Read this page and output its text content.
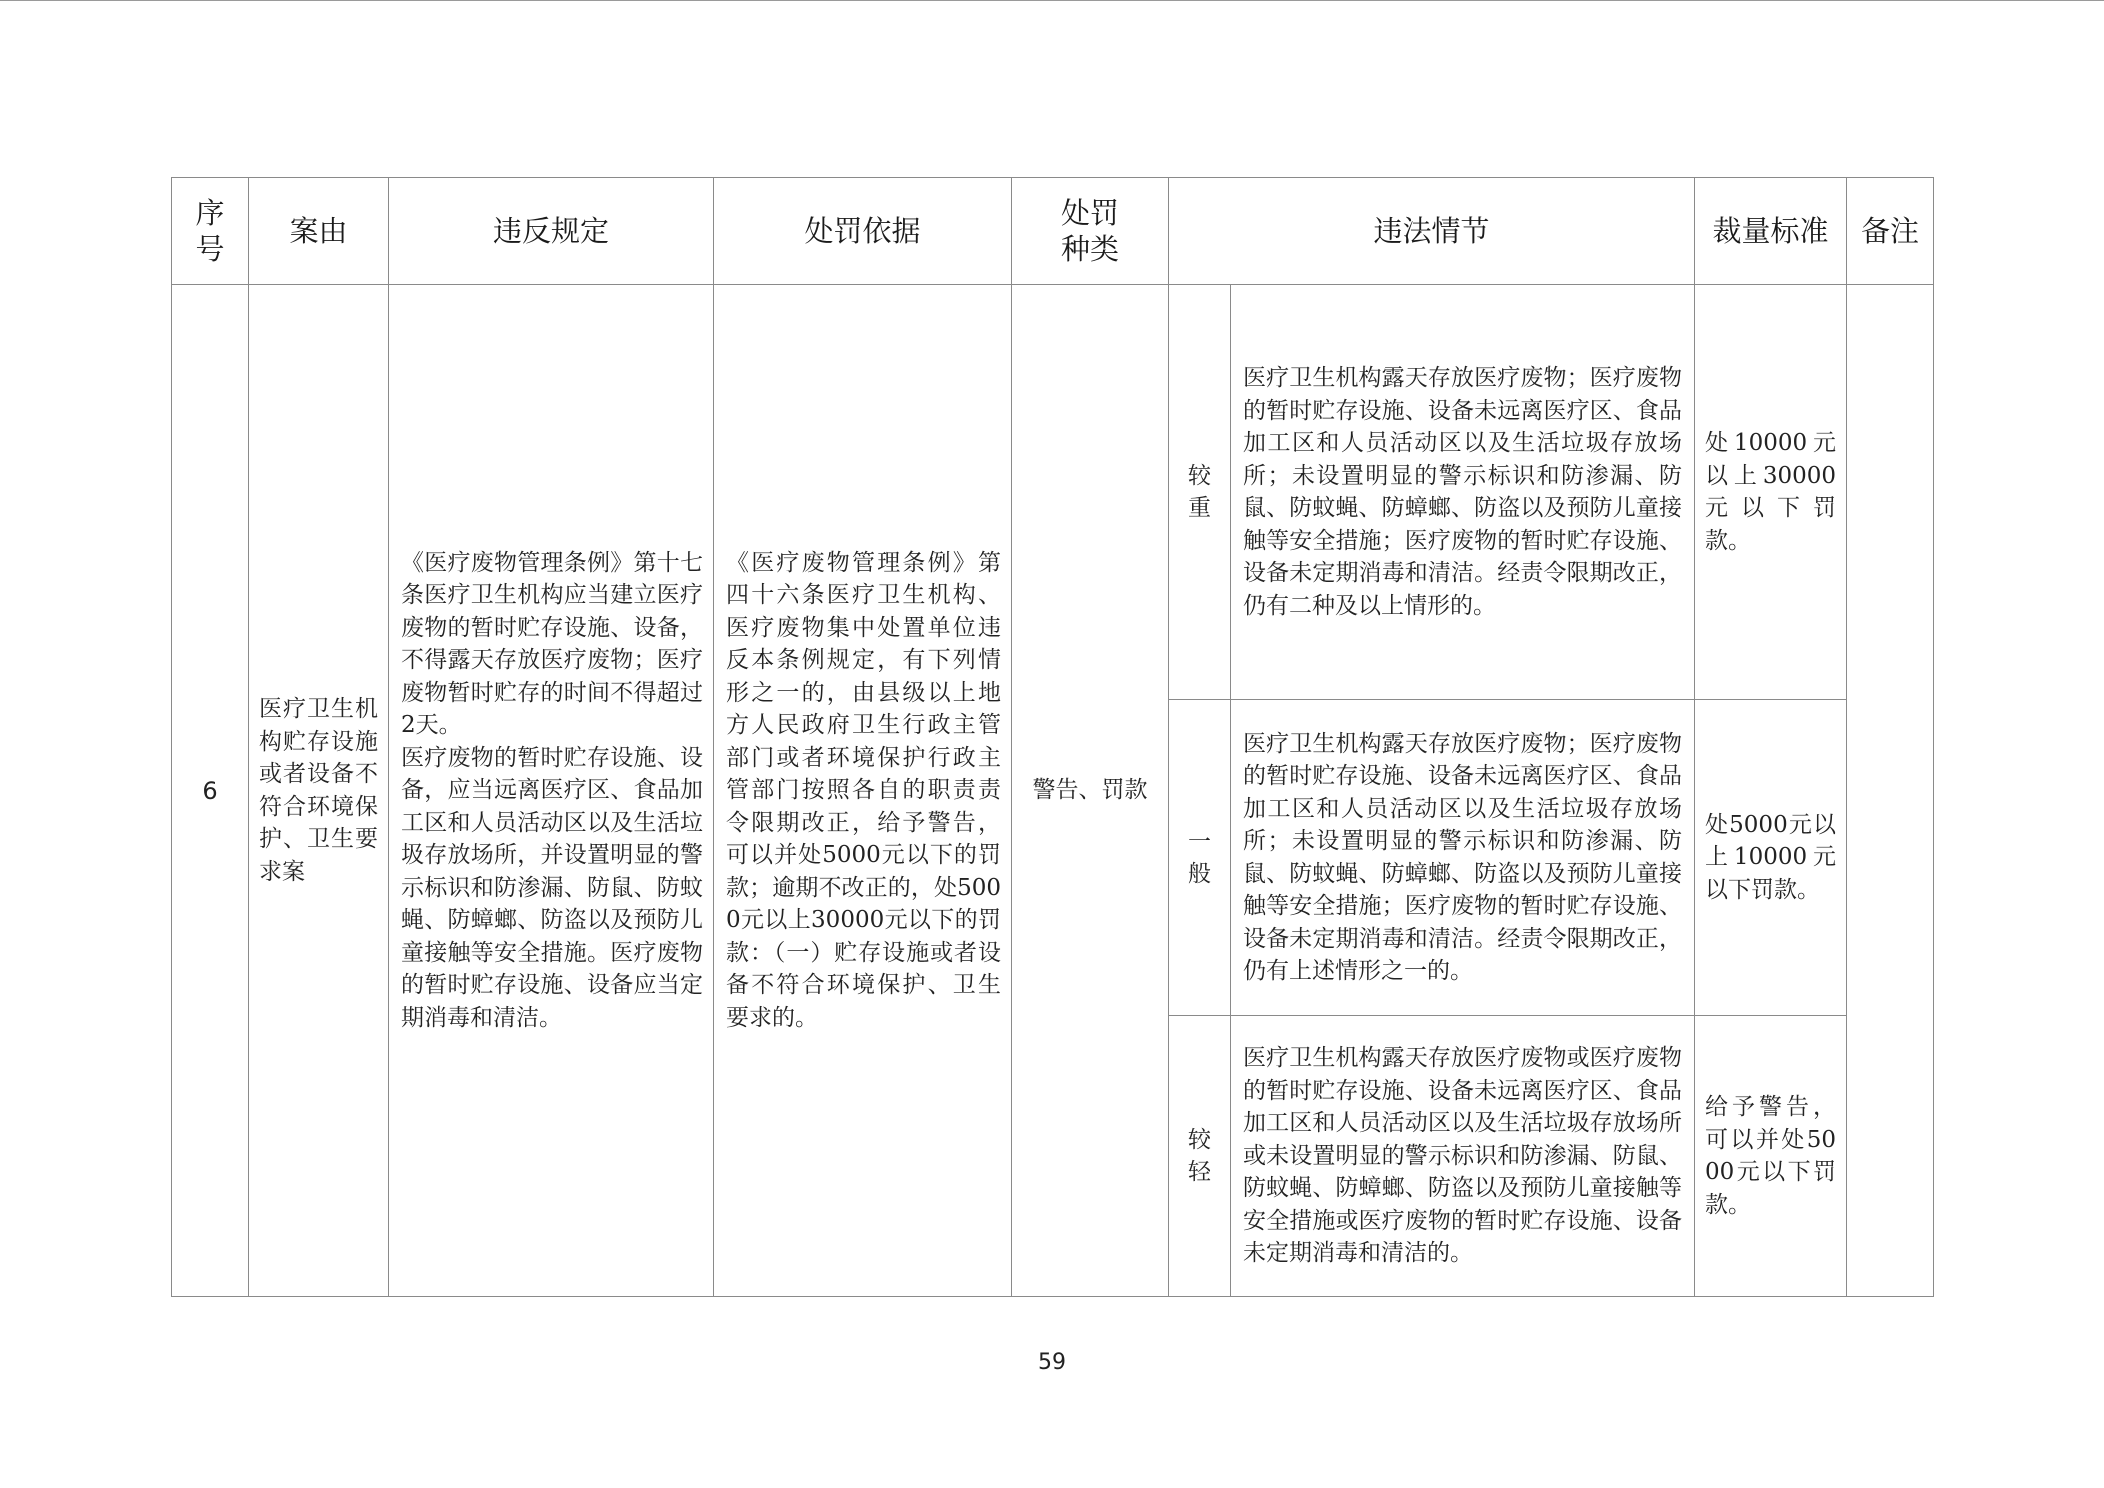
序号	案由	违反规定	处罚依据	处罚种类	违法情节		裁量标准	备注
6	医疗卫生机构贮存设施或者设备不符合环境保护、卫生要求案	《医疗废物管理条例》第十七条医疗卫生机构应当建立医疗废物的暂时贮存设施、设备，不得露天存放医疗废物；医疗废物暂时贮存的时间不得超过2天。
医疗废物的暂时贮存设施、设备，应当远离医疗区、食品加工区和人员活动区以及生活垃圾存放场所，并设置明显的警示标识和防渗漏、防鼠、防蚊蝇、防蟑螂、防盗以及预防儿童接触等安全措施。医疗废物的暂时贮存设施、设备应当定期消毒和清洁。	《医疗废物管理条例》第四十六条医疗卫生机构、医疗废物集中处置单位违反本条例规定，有下列情形之一的，由县级以上地方人民政府卫生行政主管部门或者环境保护行政主管部门按照各自的职责责令限期改正，给予警告，可以并处5000元以下的罚款；逾期不改正的，处5000元以上30000元以下的罚款：（一）贮存设施或者设备不符合环境保护、卫生要求的。	警告、罚款	较重	医疗卫生机构露天存放医疗废物；医疗废物的暂时贮存设施、设备未远离医疗区、食品加工区和人员活动区以及生活垃圾存放场所；未设置明显的警示标识和防渗漏、防鼠、防蚊蝇、防蟑螂、防盗以及预防儿童接触等安全措施；医疗废物的暂时贮存设施、设备未定期消毒和清洁。经责令限期改正，仍有二种及以上情形的。	处10000元以上30000元以下罚款。	

					一般	医疗卫生机构露天存放医疗废物；医疗废物的暂时贮存设施、设备未远离医疗区、食品加工区和人员活动区以及生活垃圾存放场所；未设置明显的警示标识和防渗漏、防鼠、防蚊蝇、防蟑螂、防盗以及预防儿童接触等安全措施；医疗废物的暂时贮存设施、设备未定期消毒和清洁。经责令限期改正，仍有上述情形之一的。	处5000元以上10000元以下罚款。	

					较轻	医疗卫生机构露天存放医疗废物或医疗废物的暂时贮存设施、设备未远离医疗区、食品加工区和人员活动区以及生活垃圾存放场所或未设置明显的警示标识和防渗漏、防鼠、防蚊蝇、防蟑螂、防盗以及预防儿童接触等安全措施或医疗废物的暂时贮存设施、设备未定期消毒和清洁的。	给予警告，可以并处5000元以下罚款。	
59
